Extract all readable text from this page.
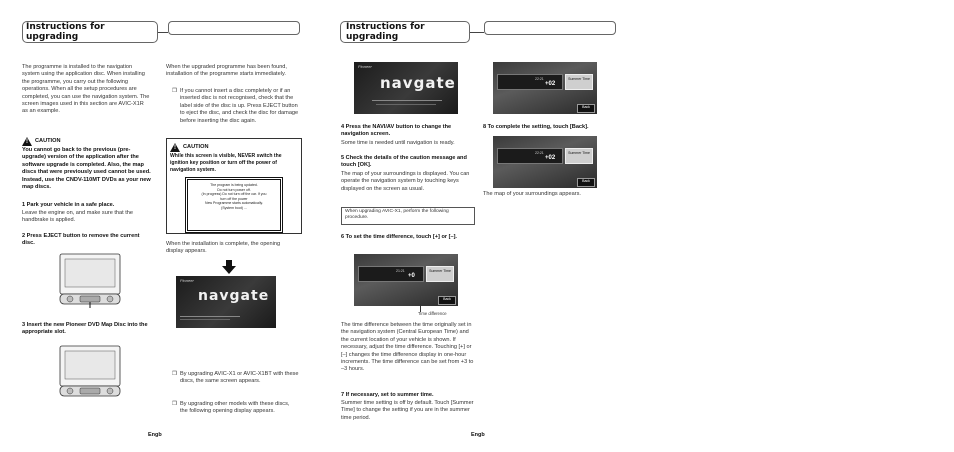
Instructions for
upgrading
Instructions for
upgrading
The programme is installed to the navigation system using the application disc. When installing the programme, you carry out the following operations. When all the setup procedures are completed, you can use the navigation system. The screen images used in this section are AVIC-X1R as an example.
! CAUTION
You cannot go back to the previous (pre-upgrade) version of the application after the software upgrade is completed. Also, the map discs that were previously used cannot be used. Instead, use the CNDV-110MT DVDs as your new map discs.
1 Park your vehicle in a safe place.
Leave the engine on, and make sure that the handbrake is applied.
2 Press EJECT button to remove the current disc.
3 Insert the new Pioneer DVD Map Disc into the appropriate slot.
Engb
When the upgraded programme has been found, installation of the programme starts immediately.
❒ If you cannot insert a disc completely or if an inserted disc is not recognised, check that the label side of the disc is up. Press EJECT button to eject the disc, and check the disc for damage before inserting the disc again.
! CAUTION
While this screen is visible, NEVER switch the ignition key position or turn off the power of navigation system.
The program is being updated.
Do not turn power off.
(In progress) Do not turn off the car. If you
turn off the power
New Programme starts automatically.
(System boot) ...
When the installation is complete, the opening display appears.
Pioneer
navgate
❒ By upgrading AVIC-X1 or AVIC-X1BT with these discs, the same screen appears.
❒ By upgrading other models with these discs, the following opening display appears.
Pioneer
navgate
4 Press the NAVI/AV button to change the navigation screen.
Some time is needed until navigation is ready.
5 Check the details of the caution message and touch [OK].
The map of your surroundings is displayed. You can operate the navigation system by touching keys displayed on the screen as usual.
When upgrading AVIC-X1, perform the following procedure.
6 To set the time difference, touch [+] or [–].
21:21
+0
Summer Time
Back
Time difference
The time difference between the time originally set in the navigation system (Central European Time) and the current location of your vehicle is shown. If necessary, adjust the time difference. Touching [+] or [–] changes the time difference display in one-hour increments. The time difference can be set from +3 to –3 hours.
7 If necessary, set to summer time.
Summer time setting is off by default. Touch [Summer Time] to change the setting if you are in the summer time period.
Engb
22:21
+02
Summer Time
Back
8 To complete the setting, touch [Back].
22:21
+02
Summer Time
Back
The map of your surroundings appears.
